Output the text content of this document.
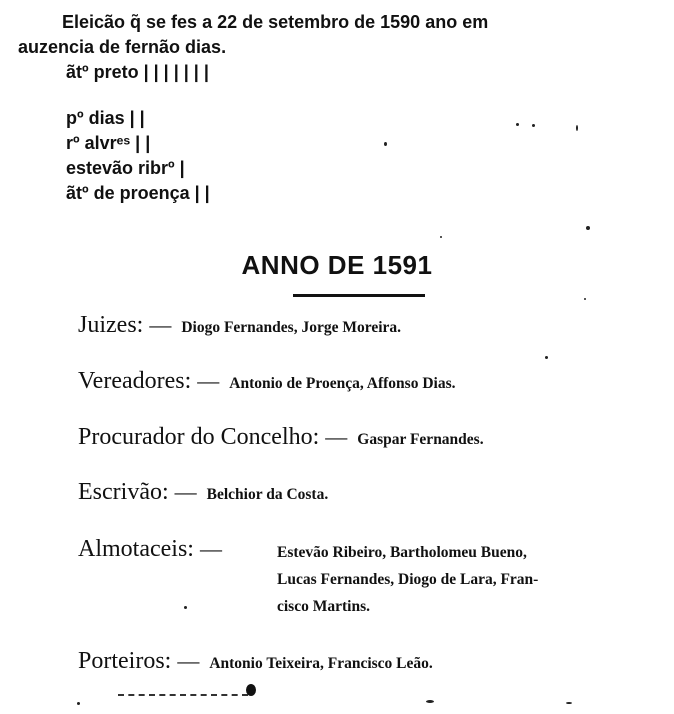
Eleicão q̃ se fes a 22 de setembro de 1590 ano em
auzencia de fernão dias.
ãtº preto | | | | | | |
pº dias | |
rº alvrᵉˢ | |
estevão ribrº |
ãtº de proença | |
ANNO DE 1591
Juizes: — Diogo Fernandes, Jorge Moreira.
Vereadores: — Antonio de Proença, Affonso Dias.
Procurador do Concelho: — Gaspar Fernandes.
Escrivão: — Belchior da Costa.
Almotaceis: —	Estevão Ribeiro, Bartholomeu Bueno,
Lucas Fernandes, Diogo de Lara, Fran-
cisco Martins.
Porteiros: — Antonio Teixeira, Francisco Leão.
